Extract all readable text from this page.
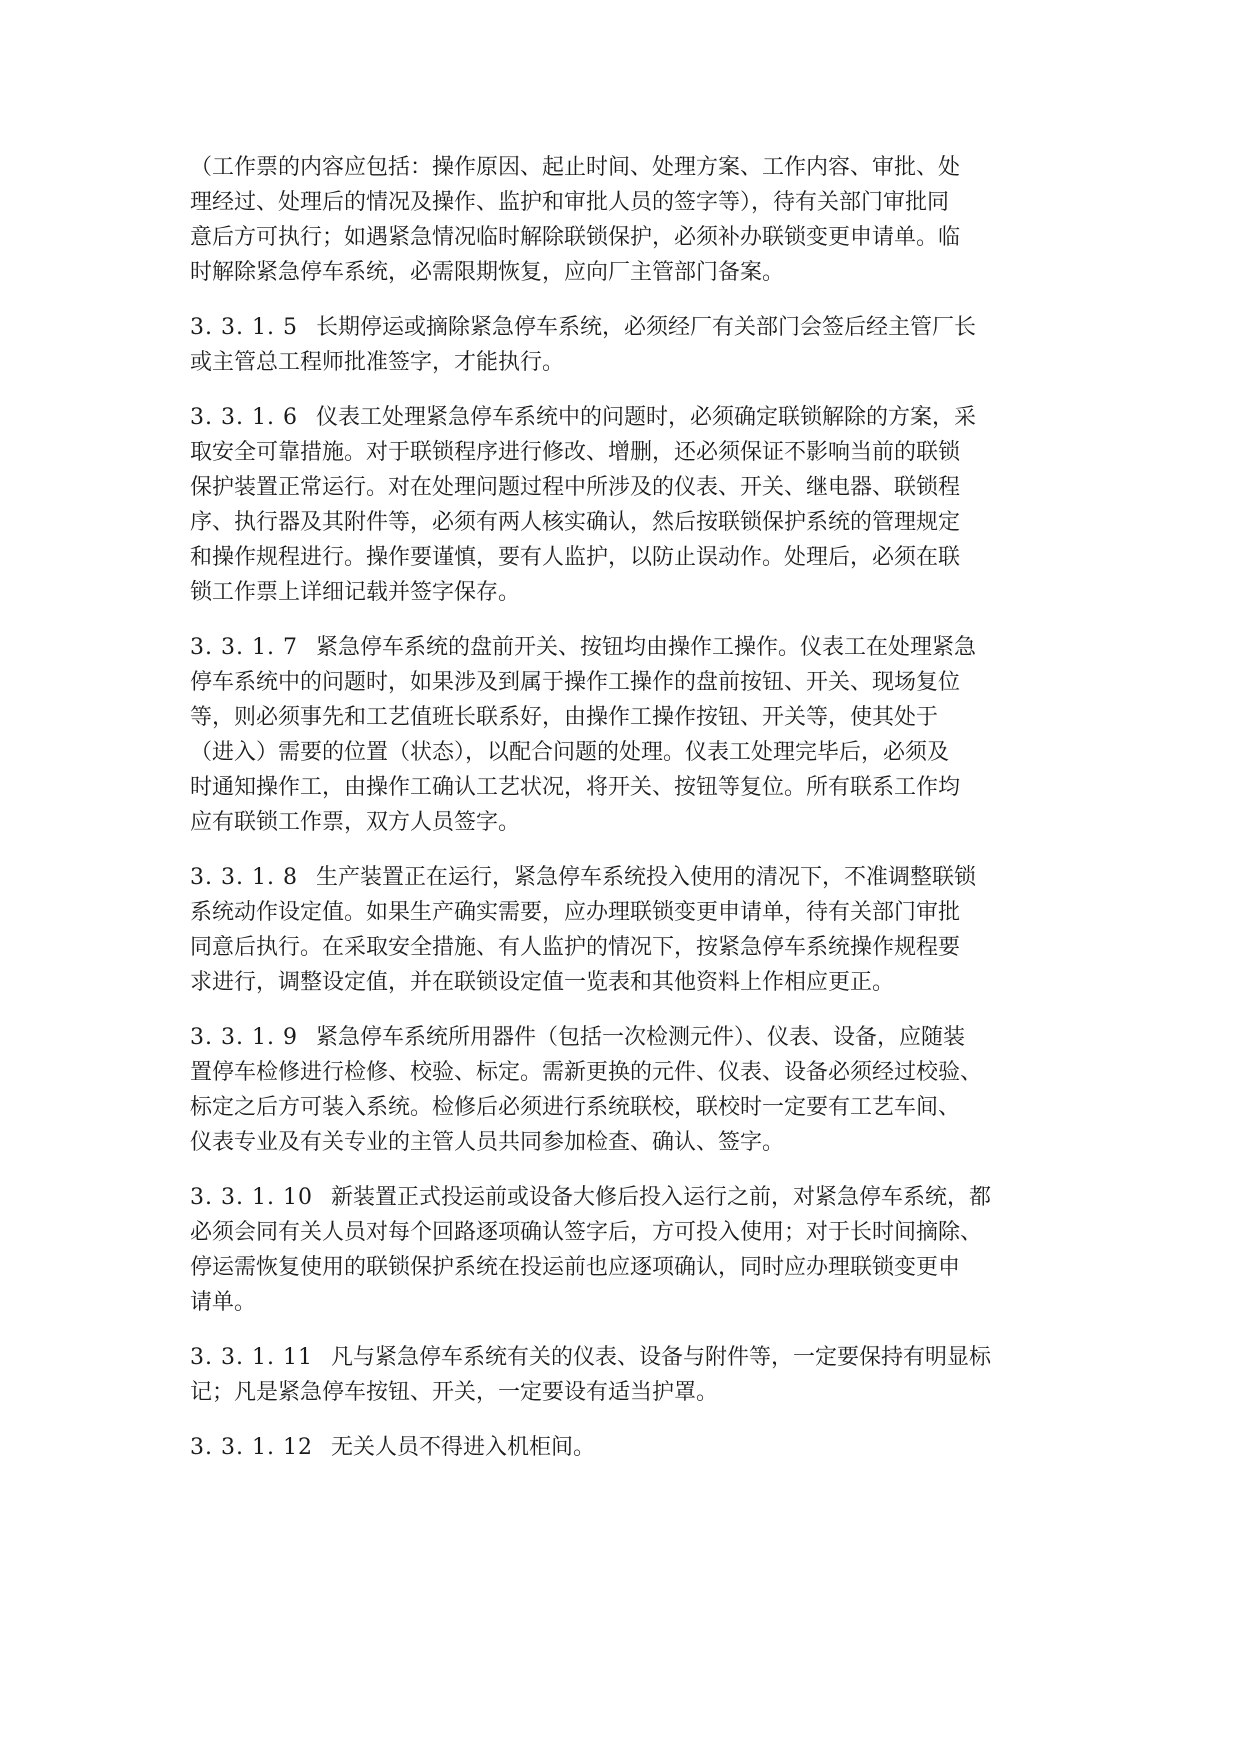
（工作票的内容应包括：操作原因、起止时间、处理方案、工作内容、审批、处
理经过、处理后的情况及操作、监护和审批人员的签字等），待有关部门审批同
意后方可执行；如遇紧急情况临时解除联锁保护，必须补办联锁变更申请单。临
时解除紧急停车系统，必需限期恢复，应向厂主管部门备案。
3. 3. 1. 5 长期停运或摘除紧急停车系统，必须经厂有关部门会签后经主管厂长
或主管总工程师批准签字，才能执行。
3. 3. 1. 6 仪表工处理紧急停车系统中的问题时，必须确定联锁解除的方案，采
取安全可靠措施。对于联锁程序进行修改、增删，还必须保证不影响当前的联锁
保护装置正常运行。对在处理问题过程中所涉及的仪表、开关、继电器、联锁程
序、执行器及其附件等，必须有两人核实确认，然后按联锁保护系统的管理规定
和操作规程进行。操作要谨慎，要有人监护，以防止误动作。处理后，必须在联
锁工作票上详细记载并签字保存。
3. 3. 1. 7 紧急停车系统的盘前开关、按钮均由操作工操作。仪表工在处理紧急
停车系统中的问题时，如果涉及到属于操作工操作的盘前按钮、开关、现场复位
等，则必须事先和工艺值班长联系好，由操作工操作按钮、开关等，使其处于
（进入）需要的位置（状态），以配合问题的处理。仪表工处理完毕后，必须及
时通知操作工，由操作工确认工艺状况，将开关、按钮等复位。所有联系工作均
应有联锁工作票，双方人员签字。
3. 3. 1. 8 生产装置正在运行，紧急停车系统投入使用的清况下，不准调整联锁
系统动作设定值。如果生产确实需要，应办理联锁变更申请单，待有关部门审批
同意后执行。在采取安全措施、有人监护的情况下，按紧急停车系统操作规程要
求进行，调整设定值，并在联锁设定值一览表和其他资料上作相应更正。
3. 3. 1. 9 紧急停车系统所用器件（包括一次检测元件）、仪表、设备，应随装
置停车检修进行检修、校验、标定。需新更换的元件、仪表、设备必须经过校验、
标定之后方可装入系统。检修后必须进行系统联校，联校时一定要有工艺车间、
仪表专业及有关专业的主管人员共同参加检查、确认、签字。
3. 3. 1. 10 新装置正式投运前或设备大修后投入运行之前，对紧急停车系统，都
必须会同有关人员对每个回路逐项确认签字后，方可投入使用；对于长时间摘除、
停运需恢复使用的联锁保护系统在投运前也应逐项确认，同时应办理联锁变更申
请单。
3. 3. 1. 11 凡与紧急停车系统有关的仪表、设备与附件等，一定要保持有明显标
记；凡是紧急停车按钮、开关，一定要设有适当护罩。
3. 3. 1. 12 无关人员不得进入机柜间。
